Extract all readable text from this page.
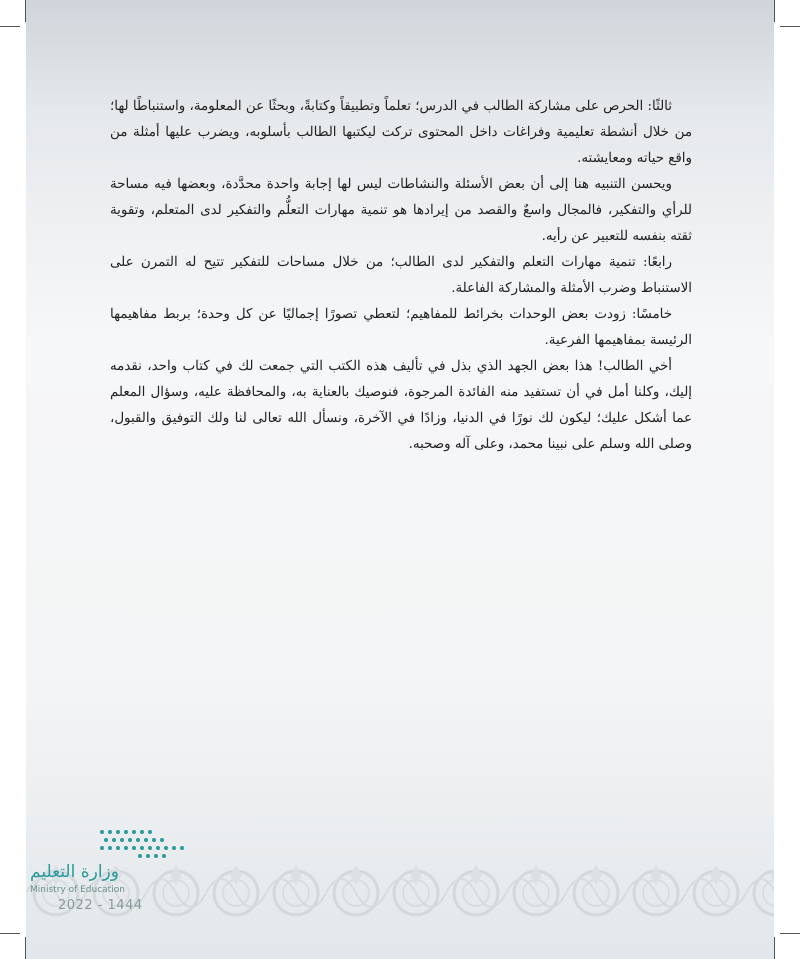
ثالثًا: الحرص على مشاركة الطالب في الدرس؛ تعلماً وتطبيقاً وكتابةً، وبحثًا عن المعلومة، واستنباطًا لها؛ من خلال أنشطة تعليمية وفراغات داخل المحتوى تركت ليكتبها الطالب بأسلوبه، ويضرب عليها أمثلة من واقع حياته ومعايشته.

ويحسن التنبيه هنا إلى أن بعض الأسئلة والنشاطات ليس لها إجابة واحدة محدَّدة، وبعضها فيه مساحة للرأي والتفكير، فالمجال واسعٌ والقصد من إيرادها هو تنمية مهارات التعلُّم والتفكير لدى المتعلم، وتقوية ثقته بنفسه للتعبير عن رأيه.

رابعًا: تنمية مهارات التعلم والتفكير لدى الطالب؛ من خلال مساحات للتفكير تتيح له التمرن على الاستنباط وضرب الأمثلة والمشاركة الفاعلة.

خامسًا: زودت بعض الوحدات بخرائط للمفاهيم؛ لتعطي تصورًا إجماليًا عن كل وحدة؛ بربط مفاهيمها الرئيسة بمفاهيمها الفرعية.

أخي الطالب! هذا بعض الجهد الذي بذل في تأليف هذه الكتب التي جمعت لك في كتاب واحد، نقدمه إليك، وكلنا أمل في أن تستفيد منه الفائدة المرجوة، فنوصيك بالعناية به، والمحافظة عليه، وسؤال المعلم عما أشكل عليك؛ ليكون لك نورًا في الدنيا، وزادًا في الآخرة، ونسأل الله تعالى لنا ولك التوفيق والقبول، وصلى الله وسلم على نبينا محمد، وعلى آله وصحبه.

وزارة التعليم
Ministry of Education
2022 - 1444
